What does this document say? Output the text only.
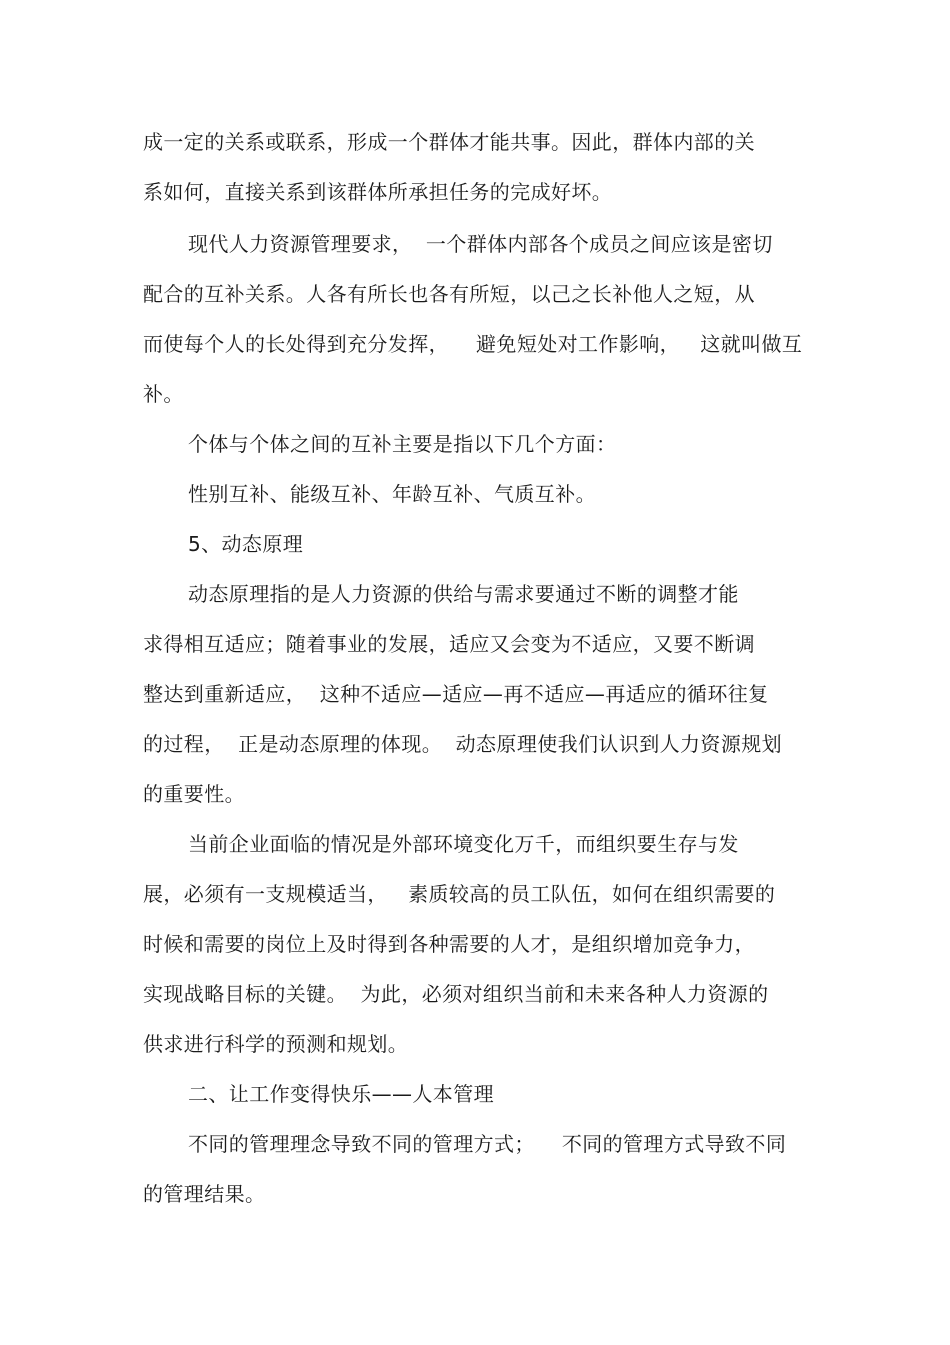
成一定的关系或联系，形成一个群体才能共事。因此，群体内部的关
系如何，直接关系到该群体所承担任务的完成好坏。
现代人力资源管理要求，  一个群体内部各个成员之间应该是密切
配合的互补关系。人各有所长也各有所短，以己之长补他人之短，从
而使每个人的长处得到充分发挥，    避免短处对工作影响，   这就叫做互
补。
个体与个体之间的互补主要是指以下几个方面：
性别互补、能级互补、年龄互补、气质互补。
5、动态原理
动态原理指的是人力资源的供给与需求要通过不断的调整才能
求得相互适应；随着事业的发展，适应又会变为不适应，又要不断调
整达到重新适应，  这种不适应—适应—再不适应—再适应的循环往复
的过程，  正是动态原理的体现。  动态原理使我们认识到人力资源规划
的重要性。
当前企业面临的情况是外部环境变化万千，而组织要生存与发
展，必须有一支规模适当，   素质较高的员工队伍，如何在组织需要的
时候和需要的岗位上及时得到各种需要的人才，是组织增加竞争力，
实现战略目标的关键。  为此，必须对组织当前和未来各种人力资源的
供求进行科学的预测和规划。
二、让工作变得快乐——人本管理
不同的管理理念导致不同的管理方式；    不同的管理方式导致不同
的管理结果。
